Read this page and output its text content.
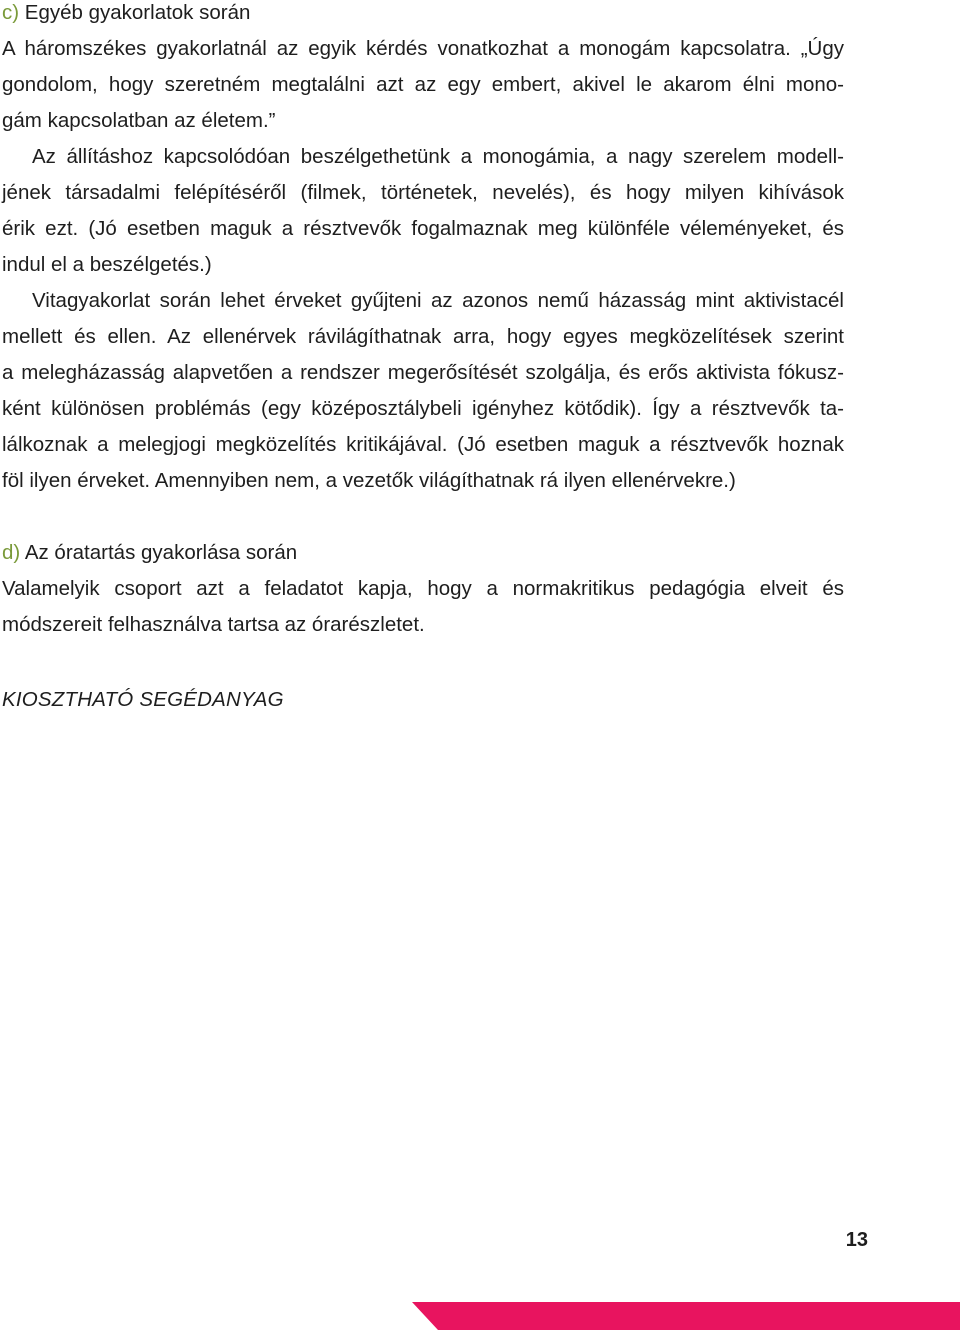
c) Egyéb gyakorlatok során
A háromszékes gyakorlatnál az egyik kérdés vonatkozhat a monogám kapcsolatra. „Úgy
gondolom, hogy szeretném megtalálni azt az egy embert, akivel le akarom élni mono-
gám kapcsolatban az életem.”
Az állításhoz kapcsolódóan beszélgethetünk a monogámia, a nagy szerelem modell-
jének társadalmi felépítéséről (filmek, történetek, nevelés), és hogy milyen kihívások
érik ezt. (Jó esetben maguk a résztvevők fogalmaznak meg különféle véleményeket, és
indul el a beszélgetés.)
Vitagyakorlat során lehet érveket gyűjteni az azonos nemű házasság mint aktivistacél
mellett és ellen. Az ellenérvek rávilágíthatnak arra, hogy egyes megközelítések szerint
a melegházasság alapvetően a rendszer megerősítését szolgálja, és erős aktivista fókusz-
ként különösen problémás (egy középosztálybeli igényhez kötődik). Így a résztvevők ta-
lálkoznak a melegjogi megközelítés kritikájával. (Jó esetben maguk a résztvevők hoznak
föl ilyen érveket. Amennyiben nem, a vezetők világíthatnak rá ilyen ellenérvekre.)
d) Az óratartás gyakorlása során
Valamelyik csoport azt a feladatot kapja, hogy a normakritikus pedagógia elveit és
módszereit felhasználva tartsa az órarészletet.
KIOSZTHATÓ SEGÉDANYAG
13
